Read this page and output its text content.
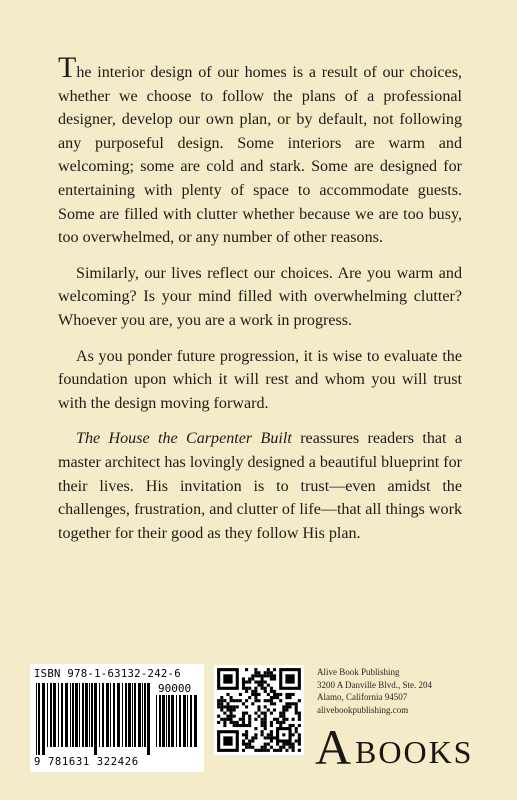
The interior design of our homes is a result of our choices, whether we choose to follow the plans of a professional designer, develop our own plan, or by default, not following any purposeful design. Some interiors are warm and welcoming; some are cold and stark. Some are designed for entertaining with plenty of space to accommodate guests. Some are filled with clutter whether because we are too busy, too overwhelmed, or any number of other reasons.

Similarly, our lives reflect our choices. Are you warm and welcoming? Is your mind filled with overwhelming clutter? Whoever you are, you are a work in progress.

As you ponder future progression, it is wise to evaluate the foundation upon which it will rest and whom you will trust with the design moving forward.

The House the Carpenter Built reassures readers that a master architect has lovingly designed a beautiful blueprint for their lives. His invitation is to trust—even amidst the challenges, frustration, and clutter of life—that all things work together for their good as they follow His plan.

ISBN 978-1-63132-242-6
90000
9 781631 322426
Alive Book Publishing
3200 A Danville Blvd., Ste. 204
Alamo, California 94507
alivebookpublishing.com
A BOOKS
